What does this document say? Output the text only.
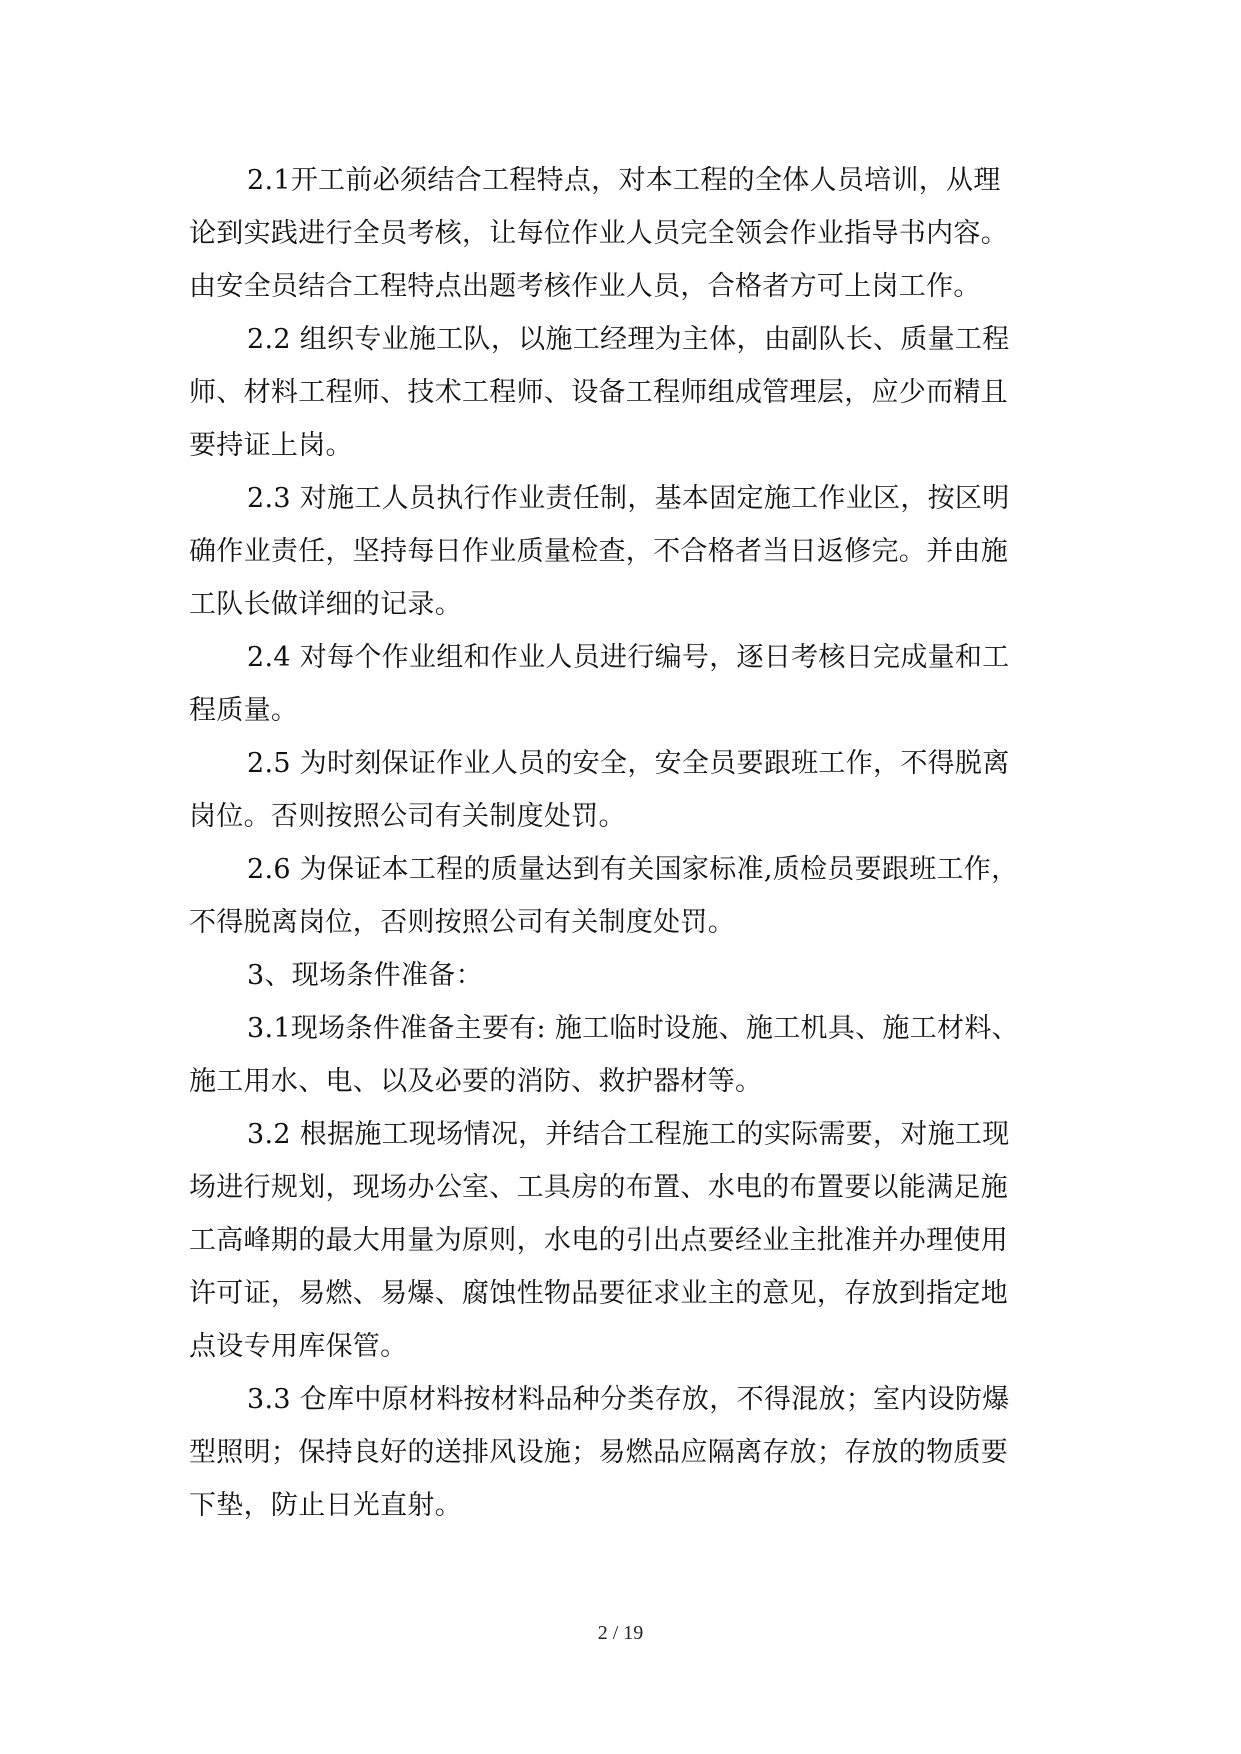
2.1开工前必须结合工程特点，对本工程的全体人员培训，从理
论到实践进行全员考核，让每位作业人员完全领会作业指导书内容。
由安全员结合工程特点出题考核作业人员，合格者方可上岗工作。
2.2 组织专业施工队，以施工经理为主体，由副队长、质量工程
师、材料工程师、技术工程师、设备工程师组成管理层，应少而精且
要持证上岗。
2.3 对施工人员执行作业责任制，基本固定施工作业区，按区明
确作业责任，坚持每日作业质量检查，不合格者当日返修完。并由施
工队长做详细的记录。
2.4 对每个作业组和作业人员进行编号，逐日考核日完成量和工
程质量。
2.5 为时刻保证作业人员的安全，安全员要跟班工作，不得脱离
岗位。否则按照公司有关制度处罚。
2.6 为保证本工程的质量达到有关国家标准,质检员要跟班工作，
不得脱离岗位，否则按照公司有关制度处罚。
3、现场条件准备：
3.1现场条件准备主要有: 施工临时设施、施工机具、施工材料、
施工用水、电、以及必要的消防、救护器材等。
3.2 根据施工现场情况，并结合工程施工的实际需要，对施工现
场进行规划，现场办公室、工具房的布置、水电的布置要以能满足施
工高峰期的最大用量为原则，水电的引出点要经业主批准并办理使用
许可证，易燃、易爆、腐蚀性物品要征求业主的意见，存放到指定地
点设专用库保管。
3.3 仓库中原材料按材料品种分类存放，不得混放；室内设防爆
型照明；保持良好的送排风设施；易燃品应隔离存放；存放的物质要
下垫，防止日光直射。
2 / 19
